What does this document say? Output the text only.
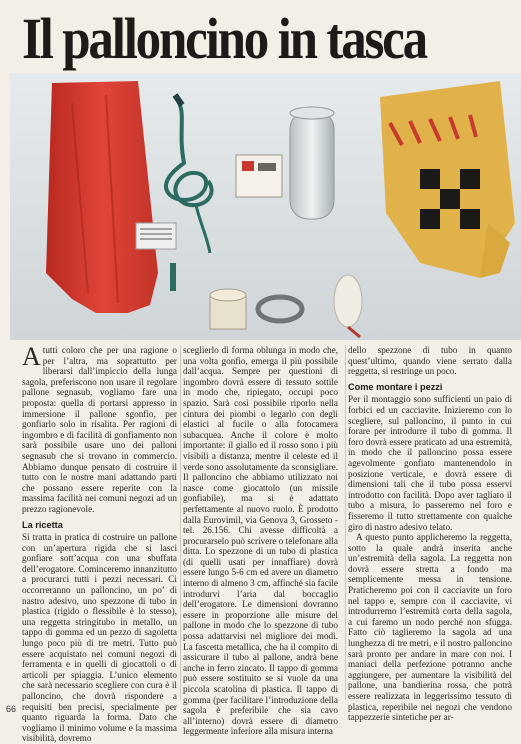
Il palloncino in tasca

A tutti coloro che per una ragione o per l’altra, ma soprattutto per liberarsi dall’impiccio della lunga sagola, preferiscono non usare il regolare pallone segnasub, vogliamo fare una proposta: quella di portarsi appresso in immersione il pallone sgonfio, per gonfiarlo solo in risalita. Per ragioni di ingombro e di facilità di gonfiamento non sarà possibile usare uno dei palloni segnasub che si trovano in commercio. Abbiamo dunque pensato di costruire il tutto con le nostre mani adattando parti che possano essere reperite con la massima facilità nei comuni negozi ad un prezzo ragionevole.

La ricetta

Si tratta in pratica di costruire un pallone con un’apertura rigida che si lasci gonfiare sott’acqua con una sbuffata dell’erogatore. Cominceremo innanzitutto a procurarci tutti i pezzi necessari. Ci occorreranno un palloncino, un po’ di nastro adesivo, uno spezzone di tubo in plastica (rigido o flessibile è lo stesso), una reggetta stringitubo in metallo, un tappo di gomma ed un pezzo di sagoletta lungo poco più di tre metri. Tutto può essere acquistato nei comuni negozi di ferramenta e in quelli di giocattoli o di articoli per spiaggia. L’unico elemento che sarà necessario scegliere con cura è il palloncino, che dovrà rispondere a requisiti ben precisi, specialmente per quanto riguarda la forma. Dato che vogliamo il minimo volume e la massima visibilità, dovremo

sceglierlo di forma oblunga in modo che, una volta gonfio, emerga il più possibile dall’acqua. Sempre per questioni di ingombro dovrà essere di tessuto sottile in modo che, ripiegato, occupi poco spazio. Sarà così possibile riporlo nella cintura dei piombi o legarlo con degli elastici al fucile o alla fotocamera subacquea. Anche il colore è molto importante: il giallo ed il rosso sono i più visibili a distanza, mentre il celeste ed il verde sono assolutamente da sconsigliare. Il palloncino che abbiamo utilizzato noi nasce come giocattolo (un missile gonfiabile), ma si è adattato perfettamente al nuovo ruolo. È prodotto dalla Eurovimil, via Genova 3, Grosseto - tel. 26.156. Chi avesse difficoltà a procurarselo può scrivere o telefonare alla ditta. Lo spezzone di un tubo di plastica (di quelli usati per innaffiare) dovrà essere lungo 5-6 cm ed avere un diametro interno di almeno 3 cm, affinché sia facile introdurvi l’aria dal boccaglio dell’erogatore. Le dimensioni dovranno essere in proporzione alle misure del pallone in modo che lo spezzone di tubo possa adattarvisi nel migliore dei modi. La fascetta metallica, che ha il compito di assicurare il tubo al pallone, andrà bene anche in ferro zincato. Il tappo di gomma può essere sostituito se si vuole da una piccola scatolina di plastica. Il tappo di gomma (per facilitare l’introduzione della sagola è preferibile che sia cavo all’interno) dovrà essere di diametro leggermente inferiore alla misura interna

dello spezzone di tubo in quanto quest’ultimo, quando viene serrato dalla reggetta, si restringe un poco.

Come montare i pezzi

Per il montaggio sono sufficienti un paio di forbici ed un cacciavite. Inizieremo con lo sceglierе, sul palloncino, il punto in cui forare per introdurre il tubo di gomma. Il foro dovrà essere praticato ad una estremità, in modo che il palloncino possa essere agevolmente gonfiato mantenendolo in posizione verticale, e dovrà essere di dimensioni tali che il tubo possa esservi introdotto con facilità. Dopo aver tagliato il tubo a misura, lo passeremo nel foro e fisseremo il tutto strettamente con qualche giro di nastro adesivo telato.

A questo punto applicheremo la reggetta, sotto la quale andrà inserita anche un’estremità della sagola. La reggetta non dovrà essere stretta a fondo ma semplicemente messa in tensione. Praticheremo poi con il cacciavite un foro nel tappo e, sempre con il cacciavite, vi introdurremo l’estremità corta della sagola, a cui faremo un nodo perché non sfugga. Fatto ciò taglieremo la sagola ad una lunghezza di tre metri, e il nostro palloncino sarà pronto per andare in mare con noi. I maniaci della perfezione potranno anche aggiungere, per aumentare la visibilità del pallone, una bandierina rossa, che potrà essere realizzata in leggerissimo tessuto di plastica, reperibile nei negozi che vendono tappezzerie sintetiche per ar-

66
